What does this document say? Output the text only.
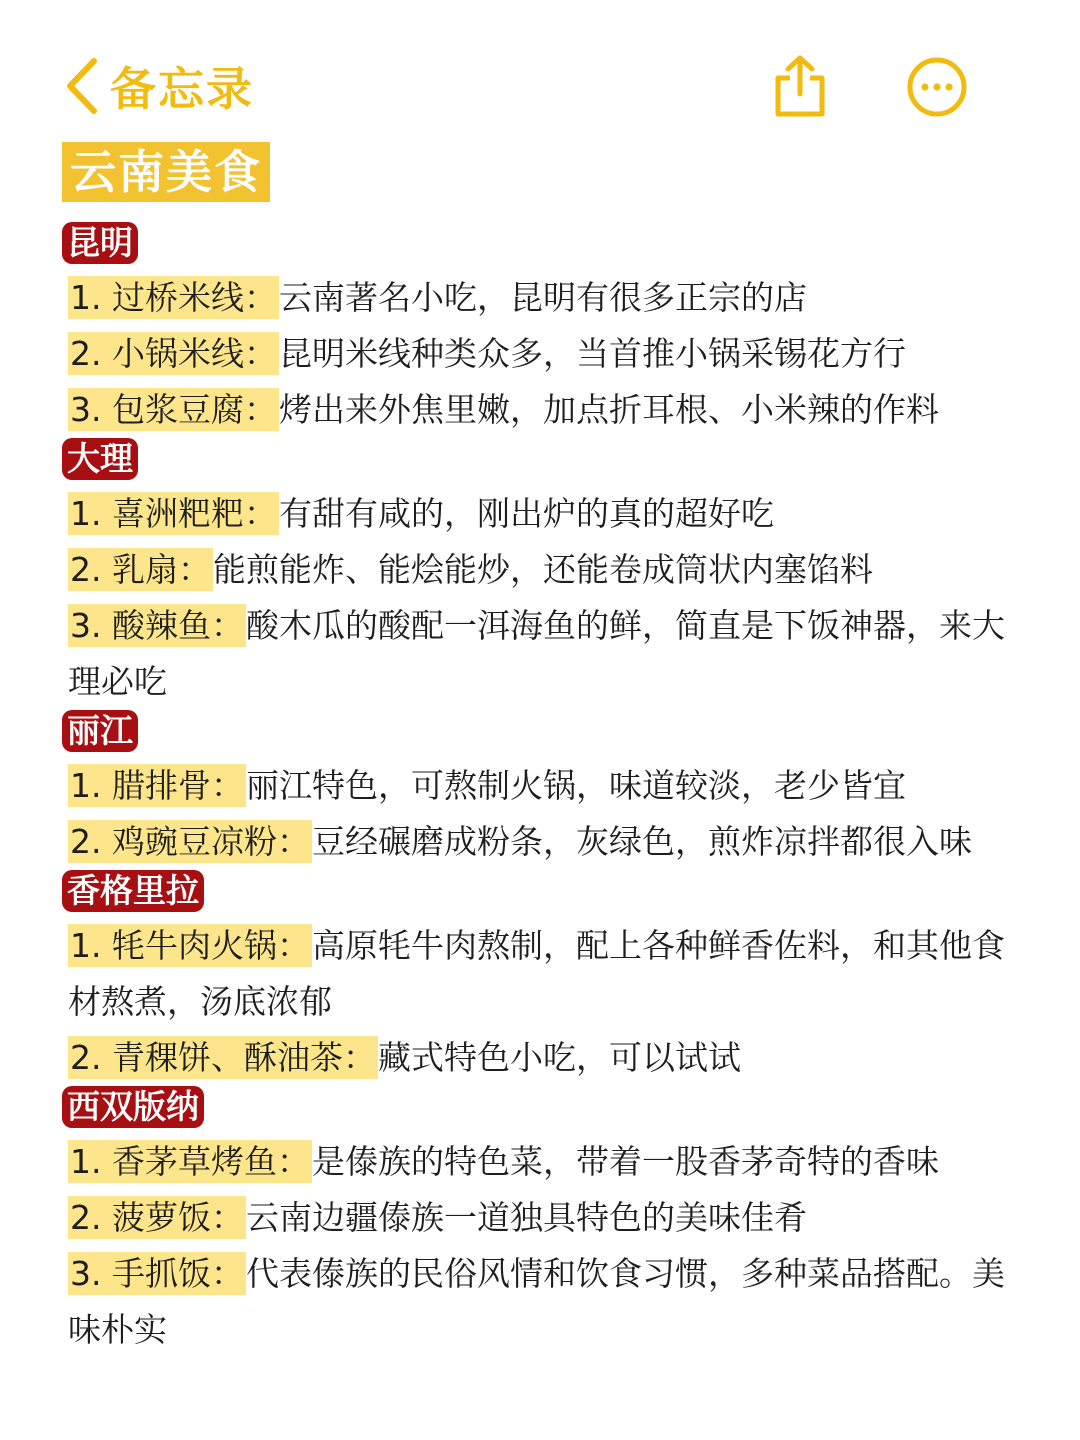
备忘录
云南美食
昆明

1. 过桥米线：云南著名小吃，昆明有很多正宗的店

2. 小锅米线：昆明米线种类众多，当首推小锅采锡花方行

3. 包浆豆腐：烤出来外焦里嫩，加点折耳根、小米辣的作料

大理

1. 喜洲粑粑：有甜有咸的，刚出炉的真的超好吃

2. 乳扇：能煎能炸、能烩能炒，还能卷成筒状内塞馅料

3. 酸辣鱼：酸木瓜的酸配一洱海鱼的鲜，简直是下饭神器，来大理必吃

丽江

1. 腊排骨：丽江特色，可熬制火锅，味道较淡，老少皆宜

2. 鸡豌豆凉粉：豆经碾磨成粉条，灰绿色，煎炸凉拌都很入味

香格里拉

1. 牦牛肉火锅：高原牦牛肉熬制，配上各种鲜香佐料，和其他食材熬煮，汤底浓郁

2. 青稞饼、酥油茶：藏式特色小吃，可以试试

西双版纳

1. 香茅草烤鱼：是傣族的特色菜，带着一股香茅奇特的香味

2. 菠萝饭：云南边疆傣族一道独具特色的美味佳肴

3. 手抓饭：代表傣族的民俗风情和饮食习惯，多种菜品搭配。美味朴实
